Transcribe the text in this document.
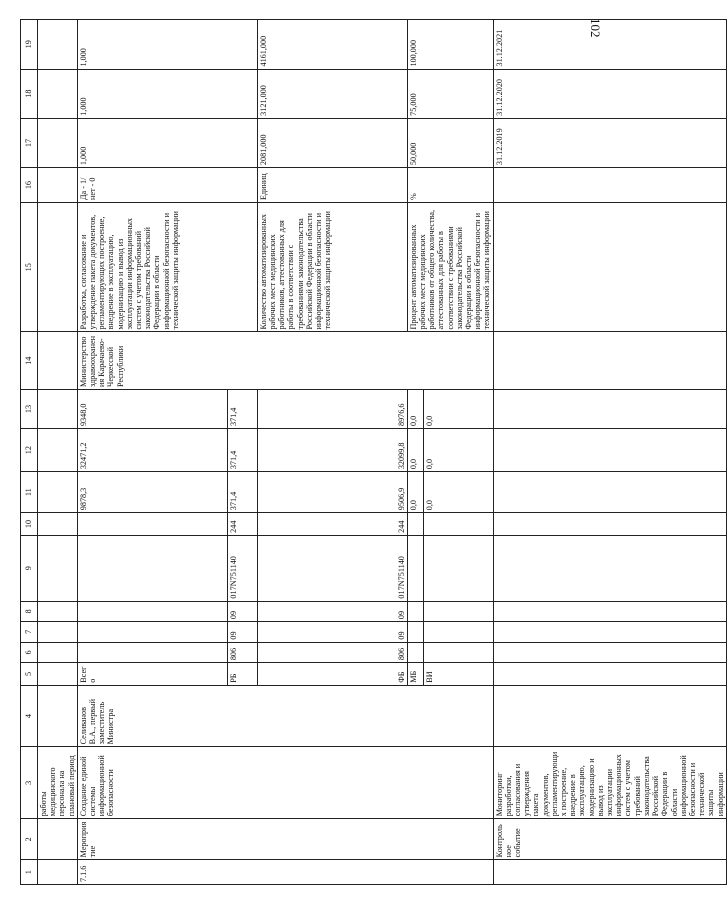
102
1	2	3	4	5	6	7	8	9	10	11	12	13	14	15	16	17	18	19
		работы медицинского персонала на плановый период																
7.1.6	Мероприятие	Создание единой системы информационной безопасности	Селиванов В.А., первый заместитель Министра	Всего						9878,3	32471,2	9348,0	Министерство здравоохранения Карачаево-Черкесской Республики	Разработка, согласование и утверждение пакета документов, регламентирующих построение, внедрение в эксплуатацию, модернизацию и вывод из эксплуатации информационных систем с учетом требований законодательства Российской Федерации в области информационной безопасности и технической защиты информации	Да - 1/ нет - 0	1,000	1,000	1,000
				РБ	806	09	09	017N751140	244	371,4	371,4	371,4						
				ФБ	806	09	09	017N751140	244	9506,9	32099,8	8976,6		Количество автоматизированных рабочих мест медицинских работников, аттестованных для работы в соответствии с требованиями законодательства Российской Федерации в области информационной безопасности и технической защиты информации	Единиц	2081,000	3121,000	4161,000
				МБ						0,0	0,0	0,0		Процент автоматизированных рабочих мест медицинских работников от общего количества, аттестованных для работы в соответствии с требованиями законодательства Российской Федерации в области информационной безопасности и технической защиты информации	%	50,000	75,000	100,000
				ВИ						0,0	0,0	0,0						
	Контрольное событие	Мониторинг разработки, согласования и утверждения пакета документов, регламентирующих построение, внедрение в эксплуатацию, модернизацию и вывод из эксплуатации информационных систем с учетом требований законодательства Российской Федерации в области информационной безопасности и технической защиты информации														31.12.2019	31.12.2020	31.12.2021
